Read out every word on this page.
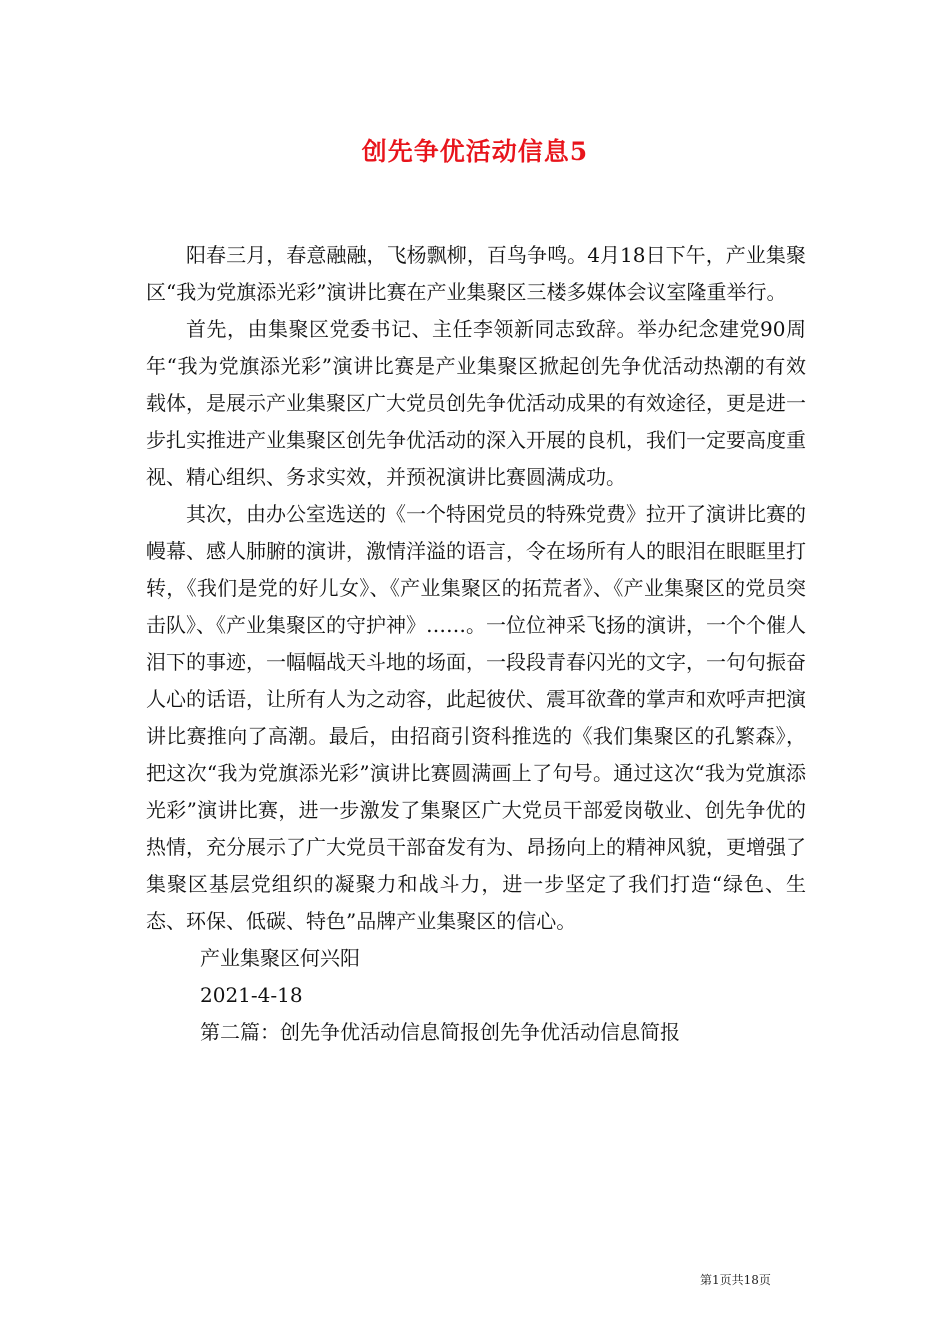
创先争优活动信息5

阳春三月，春意融融，飞杨飘柳，百鸟争鸣。4月18日下午，产业集聚区“我为党旗添光彩”演讲比赛在产业集聚区三楼多媒体会议室隆重举行。

首先，由集聚区党委书记、主任李领新同志致辞。举办纪念建党90周年“我为党旗添光彩”演讲比赛是产业集聚区掀起创先争优活动热潮的有效载体，是展示产业集聚区广大党员创先争优活动成果的有效途径，更是进一步扎实推进产业集聚区创先争优活动的深入开展的良机，我们一定要高度重视、精心组织、务求实效，并预祝演讲比赛圆满成功。

其次，由办公室选送的《一个特困党员的特殊党费》拉开了演讲比赛的幔幕、感人肺腑的演讲，激情洋溢的语言，令在场所有人的眼泪在眼眶里打转，《我们是党的好儿女》、《产业集聚区的拓荒者》、《产业集聚区的党员突击队》、《产业集聚区的守护神》……。一位位神采飞扬的演讲，一个个催人泪下的事迹，一幅幅战天斗地的场面，一段段青春闪光的文字，一句句振奋人心的话语，让所有人为之动容，此起彼伏、震耳欲聋的掌声和欢呼声把演讲比赛推向了高潮。最后，由招商引资科推选的《我们集聚区的孔繁森》，把这次“我为党旗添光彩”演讲比赛圆满画上了句号。通过这次“我为党旗添光彩”演讲比赛，进一步激发了集聚区广大党员干部爱岗敬业、创先争优的热情，充分展示了广大党员干部奋发有为、昂扬向上的精神风貌，更增强了集聚区基层党组织的凝聚力和战斗力，进一步坚定了我们打造“绿色、生态、环保、低碳、特色”品牌产业集聚区的信心。

产业集聚区何兴阳

2021-4-18

第二篇：创先争优活动信息简报创先争优活动信息简报

第1页共18页
